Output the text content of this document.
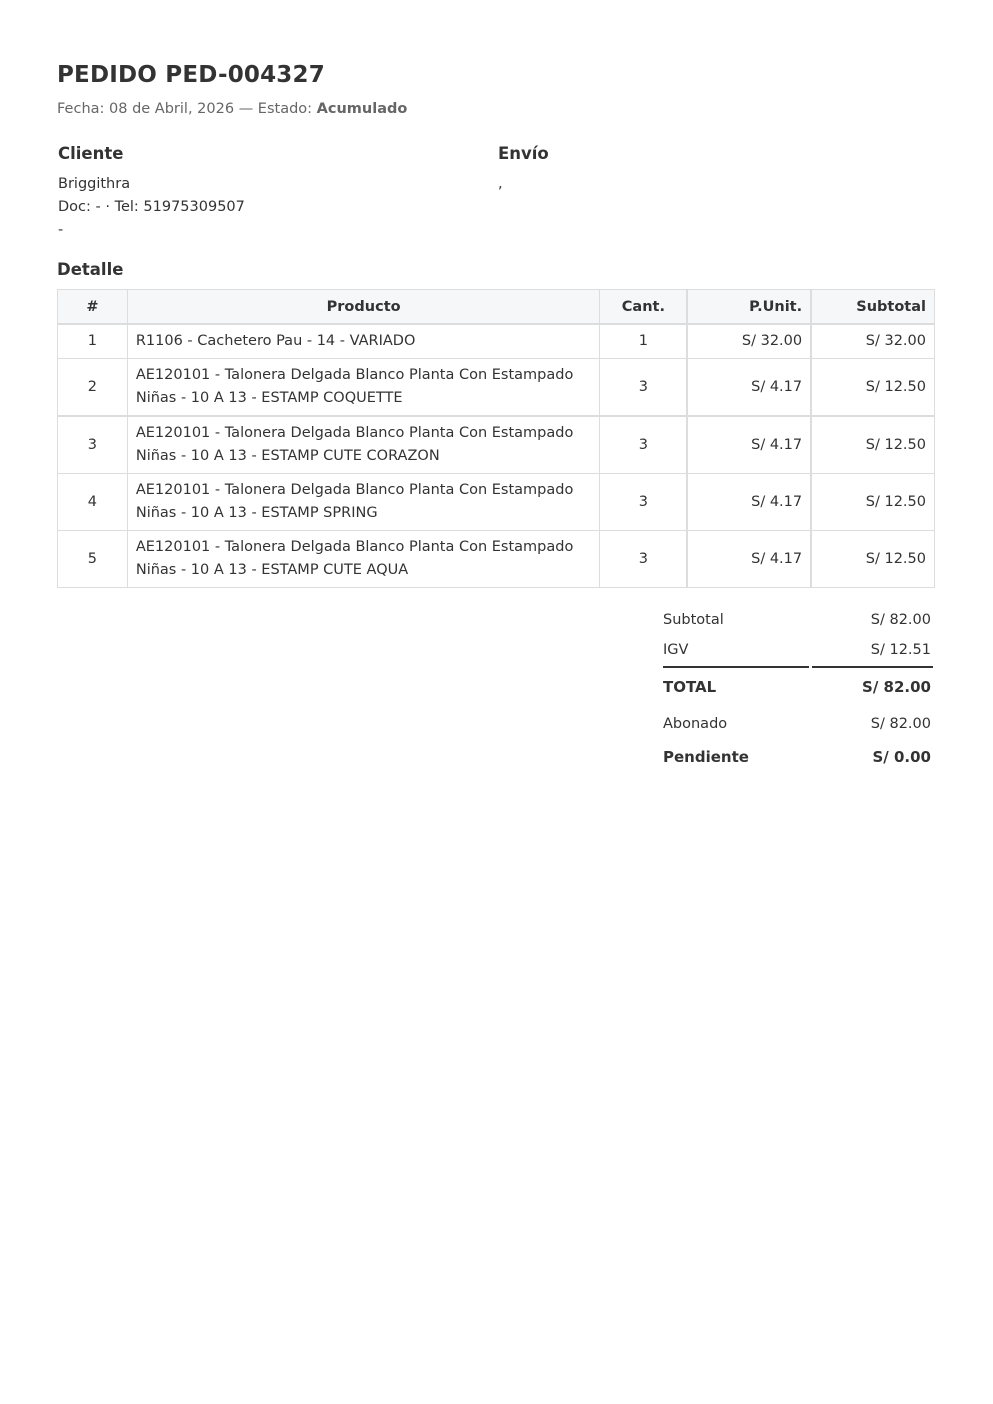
PEDIDO PED-004327
Fecha: 08 de Abril, 2026 — Estado: Acumulado
Cliente
Briggithra
Doc: - · Tel: 51975309507
-
Envío
,
Detalle
#	Producto	Cant.	P.Unit.	Subtotal
1	R1106 - Cachetero Pau - 14 - VARIADO	1	S/ 32.00	S/ 32.00
2	AE120101 - Talonera Delgada Blanco Planta Con Estampado
Niñas - 10 A 13 - ESTAMP COQUETTE	3	S/ 4.17	S/ 12.50
3	AE120101 - Talonera Delgada Blanco Planta Con Estampado
Niñas - 10 A 13 - ESTAMP CUTE CORAZON	3	S/ 4.17	S/ 12.50
4	AE120101 - Talonera Delgada Blanco Planta Con Estampado
Niñas - 10 A 13 - ESTAMP SPRING	3	S/ 4.17	S/ 12.50
5	AE120101 - Talonera Delgada Blanco Planta Con Estampado
Niñas - 10 A 13 - ESTAMP CUTE AQUA	3	S/ 4.17	S/ 12.50
Subtotal	S/ 82.00
IGV	S/ 12.51
TOTAL	S/ 82.00
Abonado	S/ 82.00
Pendiente	S/ 0.00
